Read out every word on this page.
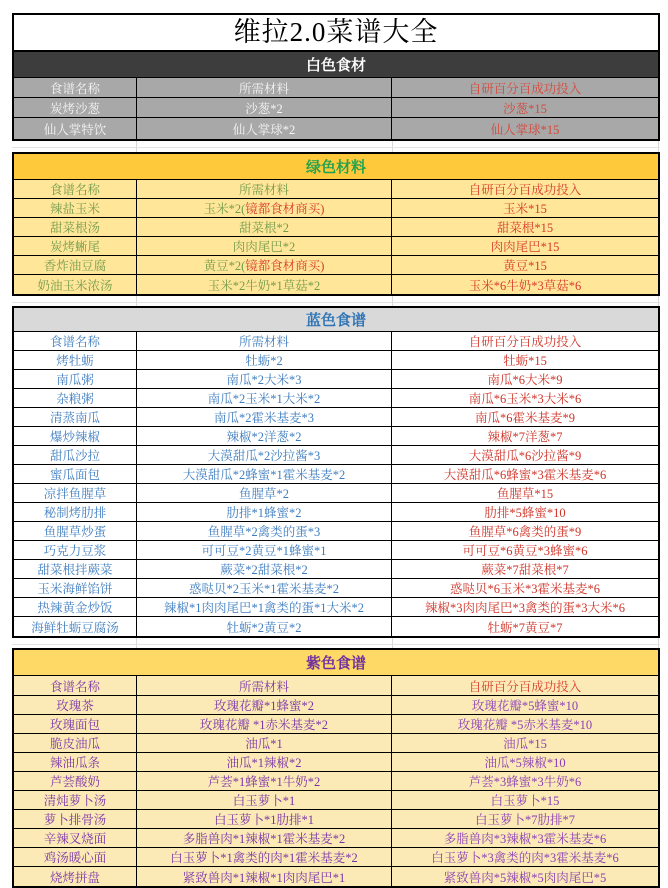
维拉2.0菜谱大全
白色食材
食谱名称	所需材料	自研百分百成功投入
炭烤沙葱	沙葱*2	沙葱*15
仙人掌特饮	仙人掌球*2	仙人掌球*15
绿色材料
食谱名称	所需材料	自研百分百成功投入
辣盐玉米	玉米*2( 镜都食材商买)	玉米*15
甜菜根汤	甜菜根*2	甜菜根*15
炭烤蜥尾	肉肉尾巴*2	肉肉尾巴*15
香炸油豆腐	黄豆*2( 镜都食材商买)	黄豆*15
奶油玉米浓汤	玉米*2牛奶*1草菇*2	玉米*6牛奶*3草菇*6
蓝色食谱
食谱名称	所需材料	自研百分百成功投入
烤牡蛎	牡蛎*2	牡蛎*15
南瓜粥	南瓜*2大米*3	南瓜*6大米*9
杂粮粥	南瓜*2玉米*1大米*2	南瓜*6玉米*3大米*6
清蒸南瓜	南瓜*2霍米基麦*3	南瓜*6霍米基麦*9
爆炒辣椒	辣椒*2洋葱*2	辣椒*7洋葱*7
甜瓜沙拉	大漠甜瓜*2沙拉酱*3	大漠甜瓜*6沙拉酱*9
蜜瓜面包	大漠甜瓜*2蜂蜜*1霍米基麦*2	大漠甜瓜*6蜂蜜*3霍米基麦*6
凉拌鱼腥草	鱼腥草*2	鱼腥草*15
秘制烤肋排	肋排*1蜂蜜*2	肋排*5蜂蜜*10
鱼腥草炒蛋	鱼腥草*2禽类的蛋*3	鱼腥草*6禽类的蛋*9
巧克力豆浆	可可豆*2黄豆*1蜂蜜*1	可可豆*6黄豆*3蜂蜜*6
甜菜根拌蕨菜	蕨菜*2甜菜根*2	蕨菜*7甜菜根*7
玉米海鲜馅饼	惑哒贝*2玉米*1霍米基麦*2	惑哒贝*6玉米*3霍米基麦*6
热辣黄金炒饭	辣椒*1肉肉尾巴*1禽类的蛋*1大米*2	辣椒*3肉肉尾巴*3禽类的蛋*3大米*6
海鲜牡蛎豆腐汤	牡蛎*2黄豆*2	牡蛎*7黄豆*7
紫色食谱
食谱名称	所需材料	自研百分百成功投入
玫瑰茶	玫瑰花瓣*1蜂蜜*2	玫瑰花瓣*5蜂蜜*10
玫瑰面包	玫瑰花瓣 *1赤米基麦*2	玫瑰花瓣 *5赤米基麦*10
脆皮油瓜	油瓜*1	油瓜*15
辣油瓜条	油瓜*1辣椒*2	油瓜*5辣椒*10
芦荟酸奶	芦荟*1蜂蜜*1牛奶*2	芦荟*3蜂蜜*3牛奶*6
清炖萝卜汤	白玉萝卜*1	白玉萝卜*15
萝卜排骨汤	白玉萝卜*1肋排*1	白玉萝卜*7肋排*7
辛辣叉烧面	多脂兽肉*1辣椒*1霍米基麦*2	多脂兽肉*3辣椒*3霍米基麦*6
鸡汤暖心面	白玉萝卜*1禽类的肉*1霍米基麦*2	白玉萝卜*3禽类的肉*3霍米基麦*6
烧烤拼盘	紧致兽肉*1辣椒*1肉肉尾巴*1	紧致兽肉*5辣椒*5肉肉尾巴*5
